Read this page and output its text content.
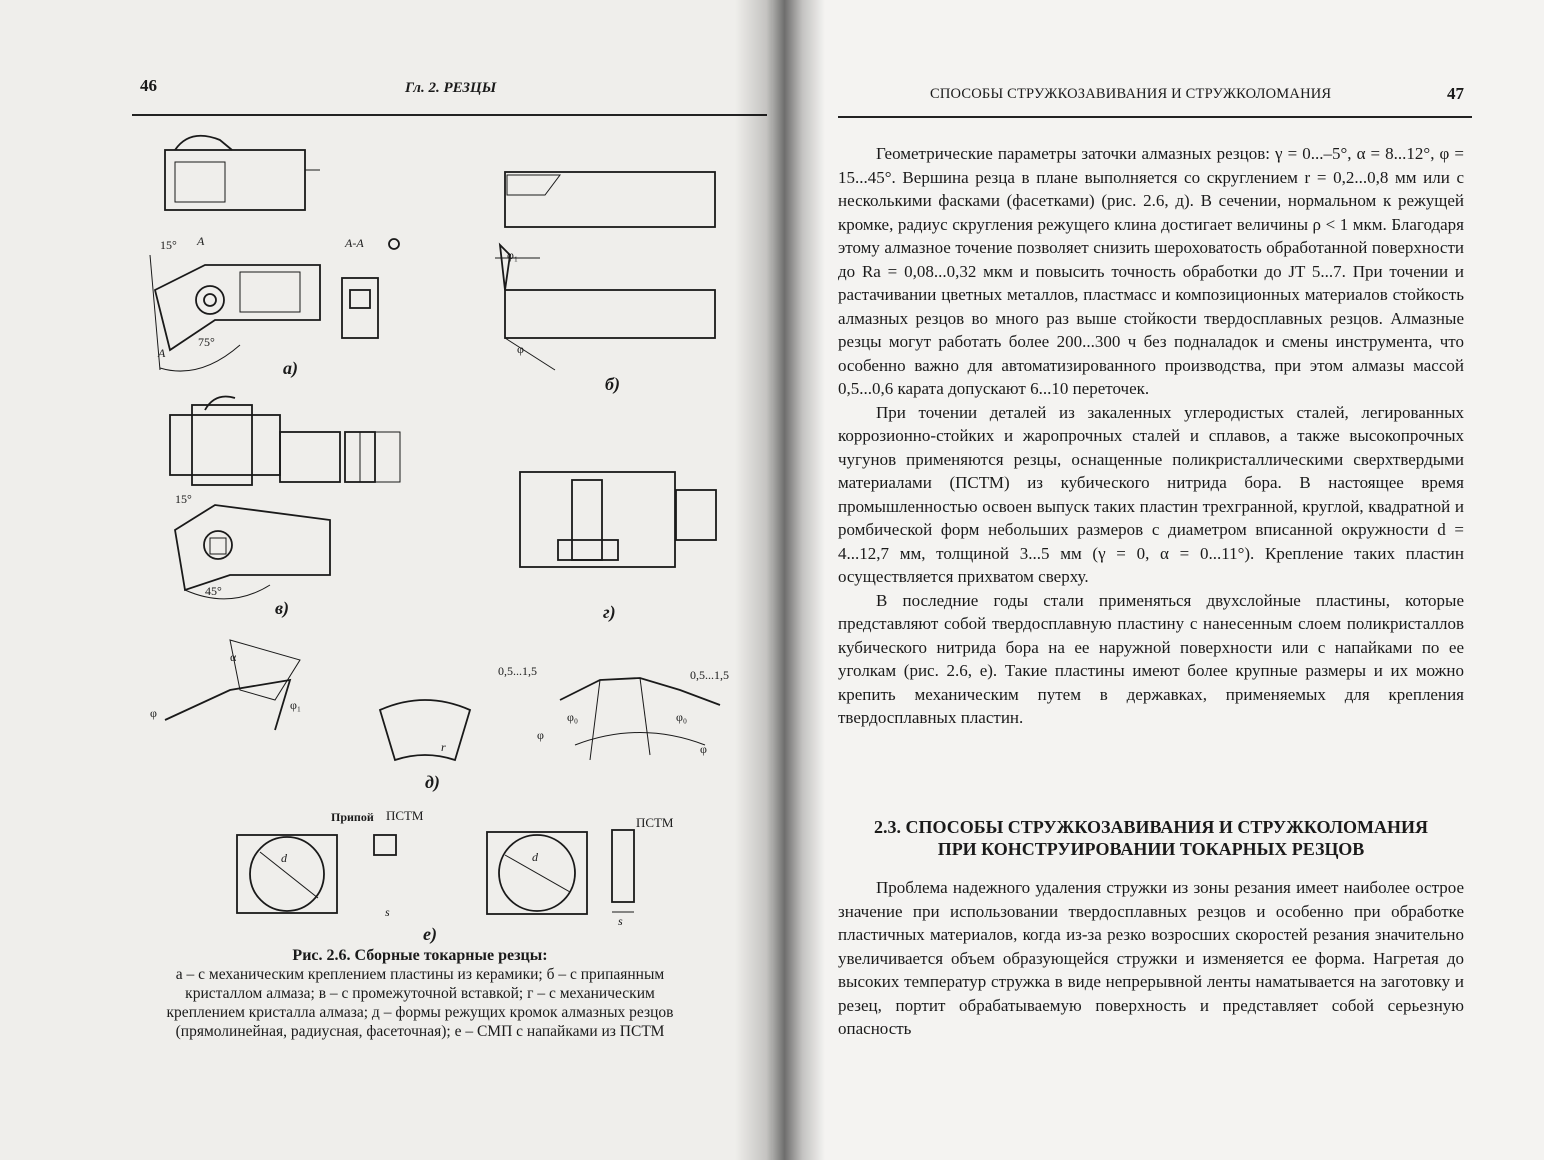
46	Гл. 2. РЕЗЦЫ
15° А	А-А
75°
А
а)
φ₁
φ
б)
15°
45°
в)	г)
α
φ
φ₁
0,5...1,5	0,5...1,5
φ₀	φ₀
φ
φ
r
д)
Припой ПСТМ	ПСТМ
d	d
s
s
е)
Рис. 2.6. Сборные токарные резцы:
а – с механическим креплением пластины из керамики; б – с припаянным
кристаллом алмаза; в – с промежуточной вставкой; г – с механическим
креплением кристалла алмаза; д – формы режущих кромок алмазных резцов
(прямолинейная, радиусная, фасеточная); е – СМП с напайками из ПСТМ
СПОСОБЫ СТРУЖКОЗАВИВАНИЯ И СТРУЖКОЛОМАНИЯ	47

Геометрические параметры заточки алмазных резцов: γ = 0...–5°, α = 8...12°, φ = 15...45°. Вершина резца в плане выполняется со скруглением r = 0,2...0,8 мм или с несколькими фасками (фасетками) (рис. 2.6, д). В сечении, нормальном к режущей кромке, радиус скругления режущего клина достигает величины ρ < 1 мкм. Благодаря этому алмазное точение позволяет снизить шероховатость обработанной поверхности до Ra = 0,08...0,32 мкм и повысить точность обработки до JT 5...7. При точении и растачивании цветных металлов, пластмасс и композиционных материалов стойкость алмазных резцов во много раз выше стойкости твердосплавных резцов. Алмазные резцы могут работать более 200...300 ч без подналадок и смены инструмента, что особенно важно для автоматизированного производства, при этом алмазы массой 0,5...0,6 карата допускают 6...10 переточек.

При точении деталей из закаленных углеродистых сталей, легированных коррозионно-стойких и жаропрочных сталей и сплавов, а также высокопрочных чугунов применяются резцы, оснащенные поликристаллическими сверхтвердыми материалами (ПСТМ) из кубического нитрида бора. В настоящее время промышленностью освоен выпуск таких пластин трехгранной, круглой, квадратной и ромбической форм небольших размеров с диаметром вписанной окружности d = 4...12,7 мм, толщиной 3...5 мм (γ = 0, α = 0...11°). Крепление таких пластин осуществляется прихватом сверху.

В последние годы стали применяться двухслойные пластины, которые представляют собой твердосплавную пластину с нанесенным слоем поликристаллов кубического нитрида бора на ее наружной поверхности или с напайками по ее уголкам (рис. 2.6, е). Такие пластины имеют более крупные размеры и их можно крепить механическим путем в державках, применяемых для крепления твердосплавных пластин.

2.3. СПОСОБЫ СТРУЖКОЗАВИВАНИЯ И СТРУЖКОЛОМАНИЯ
ПРИ КОНСТРУИРОВАНИИ ТОКАРНЫХ РЕЗЦОВ

Проблема надежного удаления стружки из зоны резания имеет наиболее острое значение при использовании твердосплавных резцов и особенно при обработке пластичных материалов, когда из-за резко возросших скоростей резания значительно увеличивается объем образующейся стружки и изменяется ее форма. Нагретая до высоких температур стружка в виде непрерывной ленты наматывается на заготовку и резец, портит обрабатываемую поверхность и представляет собой серьезную опасность
